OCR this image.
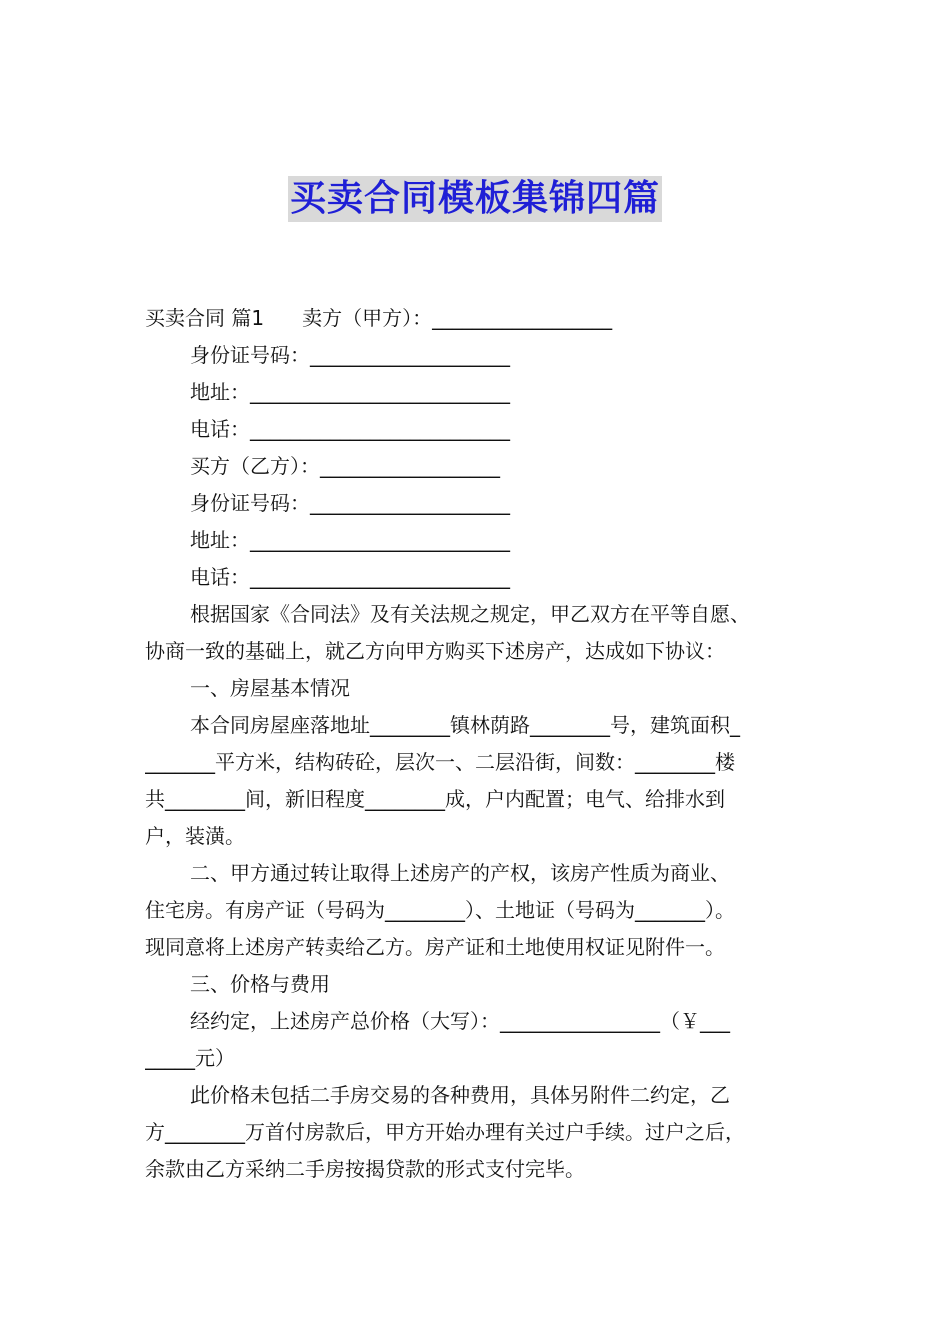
买卖合同模板集锦四篇
买卖合同 篇1 卖方（甲方）：__________________
身份证号码：____________________
地址：__________________________
电话：__________________________
买方（乙方）：__________________
身份证号码：____________________
地址：__________________________
电话：__________________________
根据国家《合同法》及有关法规之规定，甲乙双方在平等自愿、
协商一致的基础上，就乙方向甲方购买下述房产，达成如下协议：
一、房屋基本情况
本合同房屋座落地址________镇林荫路________号，建筑面积_
_______平方米，结构砖砼，层次一、二层沿街，间数：________楼
共________间，新旧程度________成，户内配置；电气、给排水到
户，装潢。
二、甲方通过转让取得上述房产的产权，该房产性质为商业、
住宅房。有房产证（号码为________）、土地证（号码为_______）。
现同意将上述房产转卖给乙方。房产证和土地使用权证见附件一。
三、价格与费用
经约定，上述房产总价格（大写）：________________（￥___
_____元）
此价格未包括二手房交易的各种费用，具体另附件二约定，乙
方________万首付房款后，甲方开始办理有关过户手续。过户之后，
余款由乙方采纳二手房按揭贷款的形式支付完毕。
